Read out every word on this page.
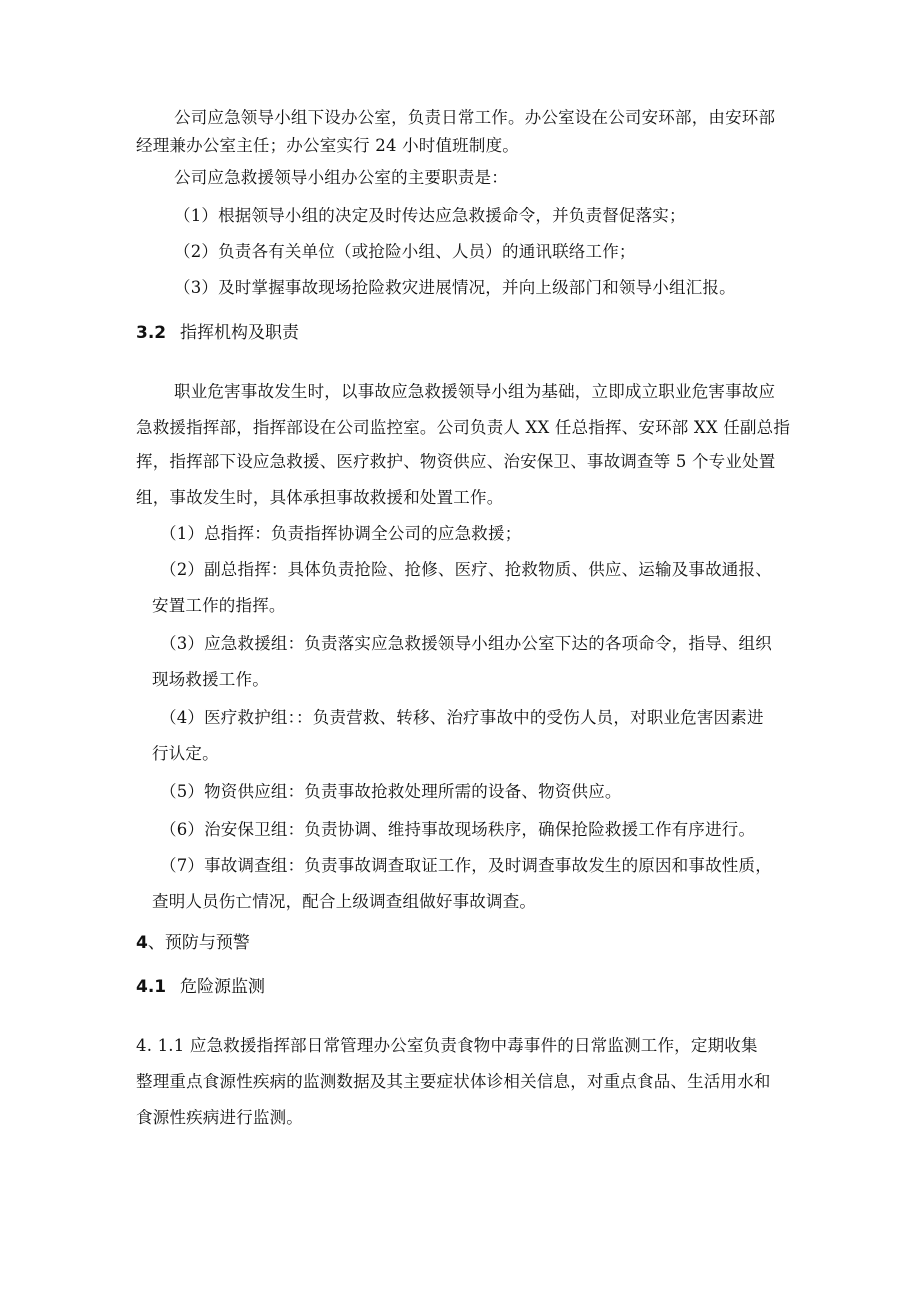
公司应急领导小组下设办公室，负责日常工作。办公室设在公司安环部，由安环部
经理兼办公室主任；办公室实行 24 小时值班制度。
公司应急救援领导小组办公室的主要职责是：
（1）根据领导小组的决定及时传达应急救援命令，并负责督促落实；
（2）负责各有关单位（或抢险小组、人员）的通讯联络工作；
（3）及时掌握事故现场抢险救灾进展情况，并向上级部门和领导小组汇报。
3.2 指挥机构及职责
职业危害事故发生时，以事故应急救援领导小组为基础，立即成立职业危害事故应
急救援指挥部，指挥部设在公司监控室。公司负责人 XX 任总指挥、安环部 XX 任副总指
挥，指挥部下设应急救援、医疗救护、物资供应、治安保卫、事故调查等 5 个专业处置
组，事故发生时，具体承担事故救援和处置工作。
（1）总指挥：负责指挥协调全公司的应急救援；
（2）副总指挥：具体负责抢险、抢修、医疗、抢救物质、供应、运输及事故通报、
安置工作的指挥。
（3）应急救援组：负责落实应急救援领导小组办公室下达的各项命令，指导、组织
现场救援工作。
（4）医疗救护组：：负责营救、转移、治疗事故中的受伤人员，对职业危害因素进
行认定。
（5）物资供应组：负责事故抢救处理所需的设备、物资供应。
（6）治安保卫组：负责协调、维持事故现场秩序，确保抢险救援工作有序进行。
（7）事故调查组：负责事故调查取证工作，及时调查事故发生的原因和事故性质，
查明人员伤亡情况，配合上级调查组做好事故调查。
4、预防与预警
4.1 危险源监测
4. 1.1 应急救援指挥部日常管理办公室负责食物中毒事件的日常监测工作，定期收集
整理重点食源性疾病的监测数据及其主要症状体诊相关信息，对重点食品、生活用水和
食源性疾病进行监测。
